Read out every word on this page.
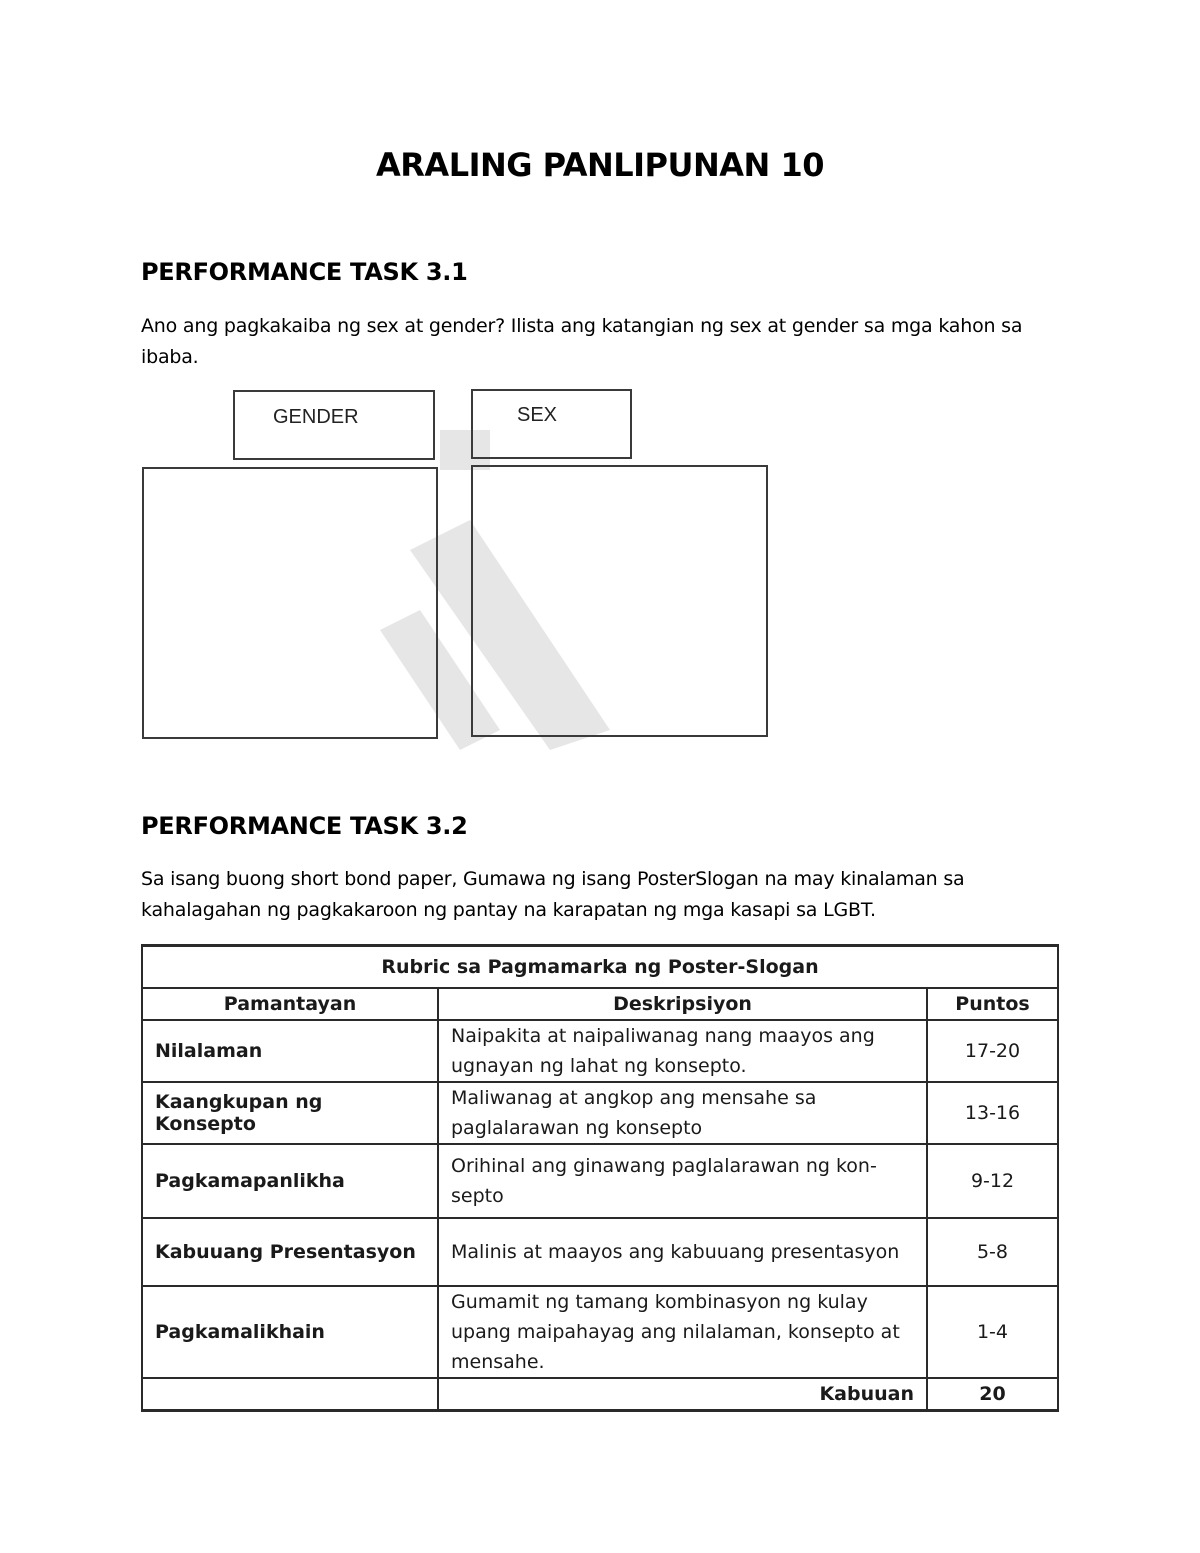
ARALING PANLIPUNAN 10
PERFORMANCE TASK 3.1
Ano ang pagkakaiba ng sex at gender? Ilista ang katangian ng sex at gender sa mga kahon sa ibaba.
GENDER	SEX
PERFORMANCE TASK 3.2
Sa isang buong short bond paper, Gumawa ng isang PosterSlogan na may kinalaman sa kahalagahan ng pagkakaroon ng pantay na karapatan ng mga kasapi sa LGBT.
Rubric sa Pagmamarka ng Poster-Slogan		
Pamantayan	Deskripsiyon	Puntos
Nilalaman	Naipakita at naipaliwanag nang maayos ang ugnayan ng lahat ng konsepto.	17-20
Kaangkupan ng Konsepto	Maliwanag at angkop ang mensahe sa paglalarawan ng konsepto	13-16
Pagkamapanlikha	Orihinal ang ginawang paglalarawan ng kon-septo	9-12
Kabuuang Presentasyon	Malinis at maayos ang kabuuang presentasyon	5-8
Pagkamalikhain	Gumamit ng tamang kombinasyon ng kulay upang maipahayag ang nilalaman, konsepto at mensahe.	1-4
	Kabuuan	20
